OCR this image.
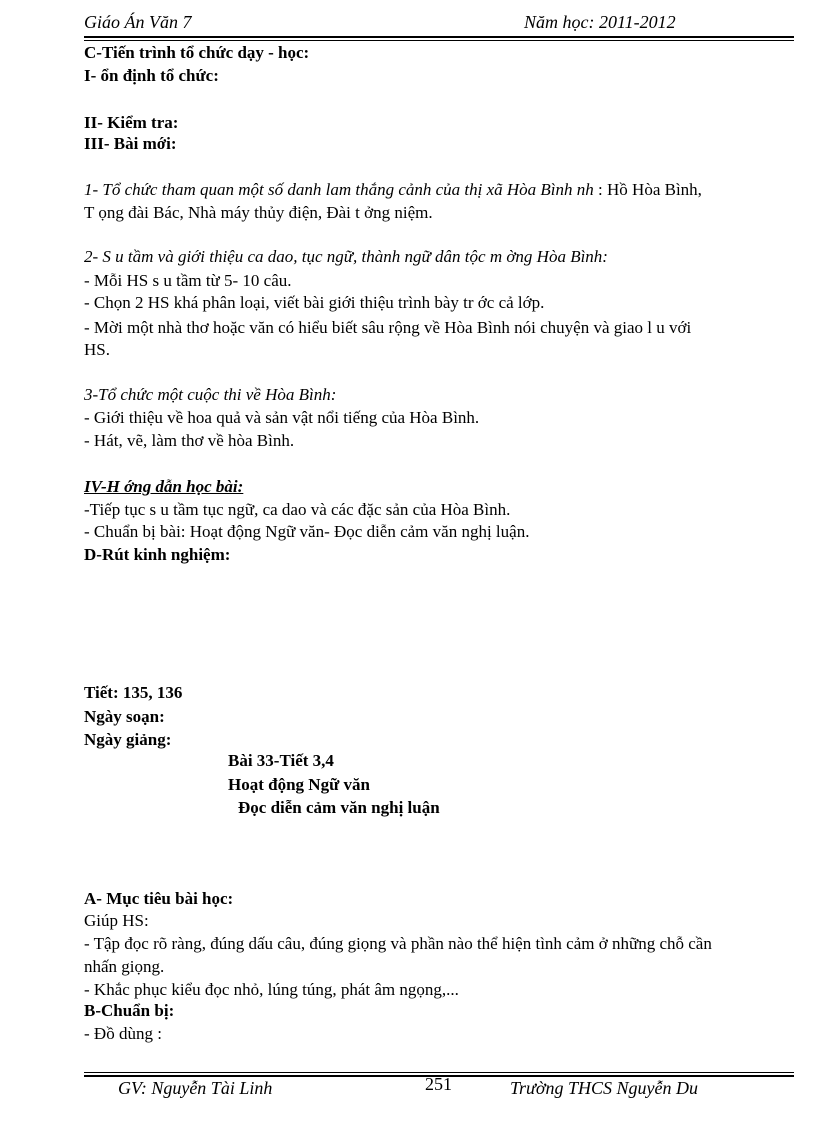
Giáo Án Văn 7	Năm học: 2011-2012
C-Tiến trình tổ chức dạy - học:
I- ổn định tổ chức:
II- Kiểm tra:
III- Bài mới:
1- Tổ chức tham quan một số danh lam thắng cảnh của thị xã Hòa Bình nh : Hồ Hòa Bình,
T ọng đài Bác, Nhà máy thủy điện, Đài t ởng niệm.
2- S u tầm và giới thiệu ca dao, tục ngữ, thành ngữ dân tộc m ờng Hòa Bình:
- Mỗi HS s u tầm từ 5- 10 câu.
- Chọn 2 HS khá phân loại, viết bài giới thiệu trình bày tr ớc cả lớp.
- Mời một nhà thơ hoặc văn có hiểu biết sâu rộng về Hòa Bình nói chuyện và giao l u với
HS.
3-Tổ chức một cuộc thi về Hòa Bình:
- Giới thiệu về hoa quả và sản vật nổi tiếng của Hòa Bình.
- Hát, vẽ, làm thơ về hòa Bình.
IV-H ớng dẫn học bài:
-Tiếp tục s u tầm tục ngữ, ca dao và các đặc sản của Hòa Bình.
- Chuẩn bị bài: Hoạt động Ngữ văn- Đọc diễn cảm văn nghị luận.
D-Rút kinh nghiệm:
Tiết: 135, 136
Ngày soạn:
Ngày giảng:
Bài 33-Tiết 3,4
Hoạt động Ngữ văn
Đọc diễn cảm văn nghị luận
A- Mục tiêu bài học:
Giúp HS:
- Tập đọc rõ ràng, đúng dấu câu, đúng giọng và phần nào thể hiện tình cảm ở những chỗ cần
nhấn giọng.
- Khắc phục kiểu đọc nhỏ, lúng túng, phát âm ngọng,...
B-Chuẩn bị:
- Đồ dùng :
GV: Nguyễn Tài Linh	251	Trường THCS Nguyễn Du
